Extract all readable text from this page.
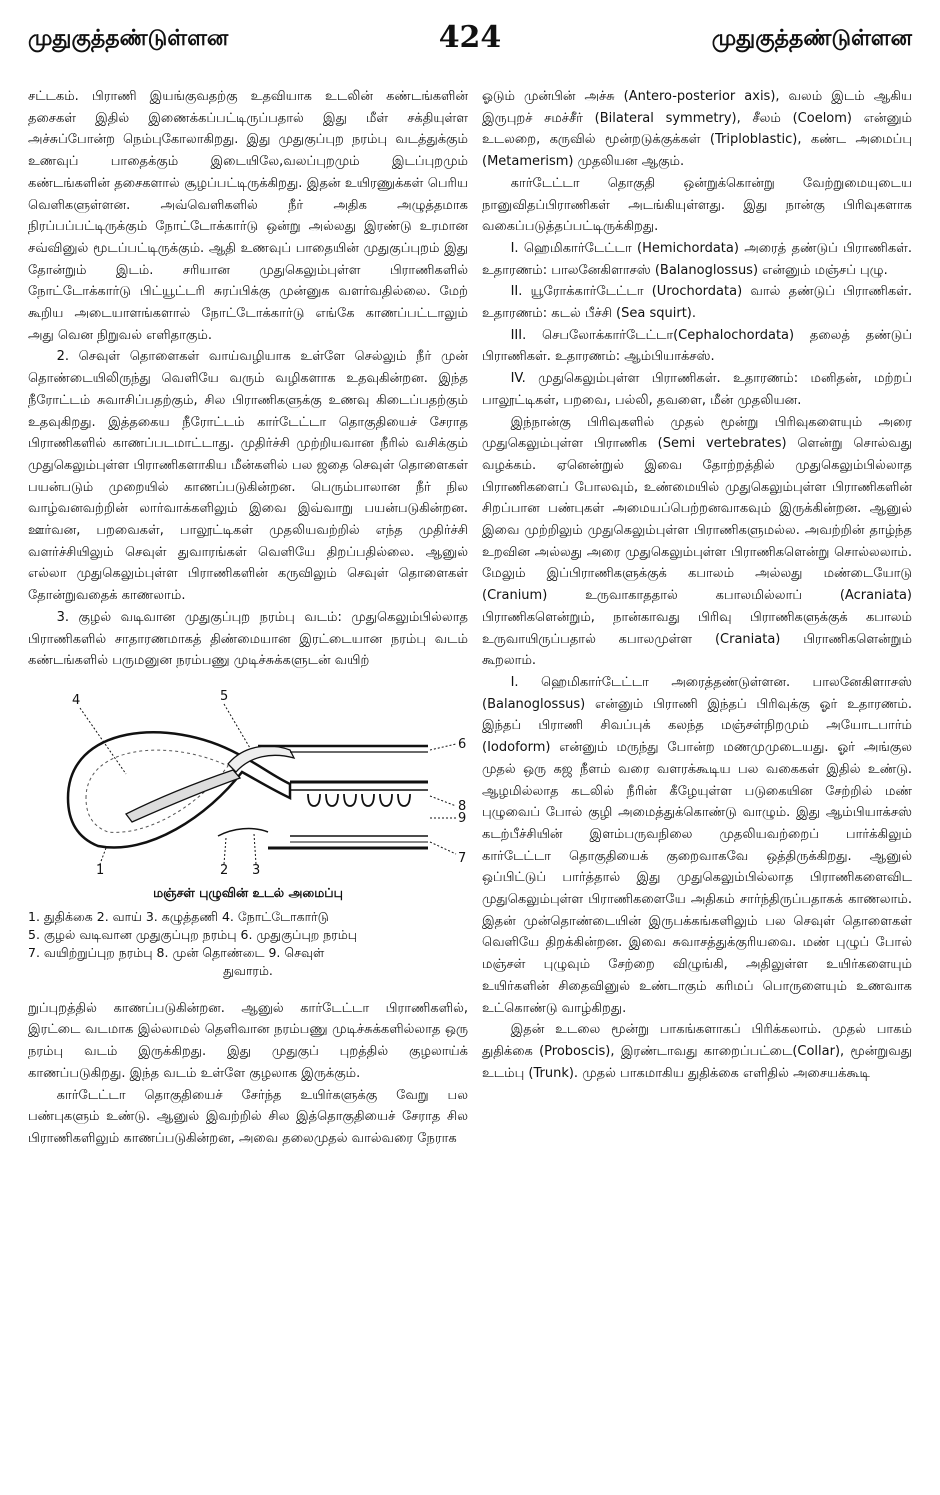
முதுகுத்தண்டுள்ளன	424	முதுகுத்தண்டுள்ளன

சட்டகம். பிராணி இயங்குவதற்கு உதவியாக உடலின் கண்டங்களின் தசைகள் இதில் இணைக்கப்பட்டிருப்பதால் இது மீள் சக்தியுள்ள அச்சுப்போன்ற நெம்புகோலாகிறது. இது முதுகுப்புற நரம்பு வடத்துக்கும் உணவுப் பாதைக்கும் இடையிலே,வலப்புறமும் இடப்புறமும் கண்டங்களின் தசைகளால் சூழப்பட்டிருக்கிறது. இதன் உயிரணுக்கள் பெரிய வெளிகளுள்ளன. அவ்வெளிகளில் நீர் அதிக அழுத்தமாக நிரப்பப்பட்டிருக்கும் நோட்டோக்கார்டு ஒன்று அல்லது இரண்டு உரமான சவ்வினுல் மூடப்பட்டிருக்கும். ஆதி உணவுப் பாதையின் முதுகுப்புறம் இது தோன்றும் இடம். சரியான முதுகெலும்புள்ள பிராணிகளில் நோட்டோக்கார்டு பிட்யூட்டரி சுரப்பிக்கு முன்னுக வளர்வதில்லை. மேற் கூறிய அடையாளங்களால் நோட்டோக்கார்டு எங்கே காணப்பட்டாலும் அது வென நிறுவல் எளிதாகும்.

2. செவுள் தொளைகள் வாய்வழியாக உள்ளே செல்லும் நீர் முன் தொண்டையிலிருந்து வெளியே வரும் வழிகளாக உதவுகின்றன. இந்த நீரோட்டம் சுவாசிப்பதற்கும், சில பிராணிகளுக்கு உணவு கிடைப்பதற்கும் உதவுகிறது. இத்தகைய நீரோட்டம் கார்டேட்டா தொகுதியைச் சேராத பிராணிகளில் காணப்படமாட்டாது. முதிர்ச்சி முற்றியவான நீரில் வசிக்கும் முதுகெலும்புள்ள பிராணிகளாகிய மீன்களில் பல ஜதை செவுள் தொளைகள் பயன்படும் முறையில் காணப்படுகின்றன. பெரும்பாலான நீர் நில வாழ்வனவற்றின் லார்வாக்களிலும் இவை இவ்வாறு பயன்படுகின்றன. ஊர்வன, பறவைகள், பாலூட்டிகள் முதலியவற்றில் எந்த முதிர்ச்சி வளர்ச்சியிலும் செவுள் துவாரங்கள் வெளியே திறப்பதில்லை. ஆனுல் எல்லா முதுகெலும்புள்ள பிராணிகளின் கருவிலும் செவுள் தொளைகள் தோன்றுவதைக் காணலாம்.

3. குழல் வடிவான முதுகுப்புற நரம்பு வடம்: முதுகெலும்பில்லாத பிராணிகளில் சாதாரணமாகத் திண்மையான இரட்டையான நரம்பு வடம் கண்டங்களில் பருமனுன நரம்பணு முடிச்சுக்களுடன் வயிற்

4	5
6
8
9
7
1	2 3
மஞ்சள் புழுவின் உடல் அமைப்பு
1. துதிக்கை 2. வாய் 3. கழுத்தணி 4. நோட்டோகார்டு
5. குழல் வடிவான முதுகுப்புற நரம்பு 6. முதுகுப்புற நரம்பு
7. வயிற்றுப்புற நரம்பு 8. முன் தொண்டை 9. செவுள்
துவாரம்.

றுப்புறத்தில் காணப்படுகின்றன. ஆனுல் கார்டேட்டா பிராணிகளில், இரட்டை வடமாக இல்லாமல் தெளிவான நரம்பணு முடிச்சுக்களில்லாத ஒரு நரம்பு வடம் இருக்கிறது. இது முதுகுப் புறத்தில் குழலாய்க் காணப்படுகிறது. இந்த வடம் உள்ளே குழலாக இருக்கும்.

கார்டேட்டா தொகுதியைச் சேர்ந்த உயிர்களுக்கு வேறு பல பண்புகளும் உண்டு. ஆனுல் இவற்றில் சில இத்தொகுதியைச் சேராத சில பிராணிகளிலும் காணப்படுகின்றன, அவை தலைமுதல் வால்வரை நேராக

ஓடும் முன்பின் அச்சு (Antero-posterior axis), வலம் இடம் ஆகிய இருபுறச் சமச்சீர் (Bilateral symmetry), சீலம் (Coelom) என்னும் உடலறை, கருவில் மூன்றடுக்குக்கள் (Triploblastic), கண்ட அமைப்பு (Metamerism) முதலியன ஆகும்.

கார்டேட்டா தொகுதி ஒன்றுக்கொன்று வேற்றுமையுடைய நானுவிதப்பிராணிகள் அடங்கியுள்ளது. இது நான்கு பிரிவுகளாக வகைப்படுத்தப்பட்டிருக்கிறது.

I. ஹெமிகார்டேட்டா (Hemichordata) அரைத் தண்டுப் பிராணிகள். உதாரணம்: பாலனேகிளாசஸ் (Balanoglossus) என்னும் மஞ்சப் புழு.

II. யூரோக்கார்டேட்டா (Urochordata) வால் தண்டுப் பிராணிகள். உதாரணம்: கடல் பீச்சி (Sea squirt).

III. செபலோக்கார்டேட்டா(Cephalochordata) தலைத் தண்டுப் பிராணிகள். உதாரணம்: ஆம்பியாக்சஸ்.

IV. முதுகெலும்புள்ள பிராணிகள். உதாரணம்: மனிதன், மற்றப் பாலூட்டிகள், பறவை, பல்லி, தவளை, மீன் முதலியன.

இந்நான்கு பிரிவுகளில் முதல் மூன்று பிரிவுகளையும் அரை முதுகெலும்புள்ள பிராணிக (Semi vertebrates) ளென்று சொல்வது வழக்கம். ஏனென்றுல் இவை தோற்றத்தில் முதுகெலும்பில்லாத பிராணிகளைப் போலவும், உண்மையில் முதுகெலும்புள்ள பிராணிகளின் சிறப்பான பண்புகள் அமையப்பெற்றனவாகவும் இருக்கின்றன. ஆனுல் இவை முற்றிலும் முதுகெலும்புள்ள பிராணிகளுமல்ல. அவற்றின் தாழ்ந்த உறவின அல்லது அரை முதுகெலும்புள்ள பிராணிகளென்று சொல்லலாம். மேலும் இப்பிராணிகளுக்குக் கபாலம் அல்லது மண்டையோடு (Cranium) உருவாகாததால் கபாலமில்லாப் (Acraniata) பிராணிகளென்றும், நான்காவது பிரிவு பிராணிகளுக்குக் கபாலம் உருவாயிருப்பதால் கபாலமுள்ள (Craniata) பிராணிகளென்றும் கூறலாம்.

I. ஹெமிகார்டேட்டா அரைத்தண்டுள்ளன. பாலனேகிளாசஸ் (Balanoglossus) என்னும் பிராணி இந்தப் பிரிவுக்கு ஓர் உதாரணம். இந்தப் பிராணி சிவப்புக் கலந்த மஞ்சள்நிறமும் அயோடபார்ம் (Iodoform) என்னும் மருந்து போன்ற மணமுமுடையது. ஓர் அங்குல முதல் ஒரு கஜ நீளம் வரை வளரக்கூடிய பல வகைகள் இதில் உண்டு. ஆழமில்லாத கடலில் நீரின் கீழேயுள்ள படுகையின சேற்றில் மண் புழுவைப் போல் குழி அமைத்துக்கொண்டு வாழும். இது ஆம்பியாக்சஸ் கடற்பீச்சியின் இளம்பருவநிலை முதலியவற்றைப் பார்க்கிலும் கார்டேட்டா தொகுதியைக் குறைவாகவே ஒத்திருக்கிறது. ஆனுல் ஒப்பிட்டுப் பார்த்தால் இது முதுகெலும்பில்லாத பிராணிகளைவிட முதுகெலும்புள்ள பிராணிகளையே அதிகம் சார்ந்திருப்பதாகக் காணலாம். இதன் முன்தொண்டையின் இருபக்கங்களிலும் பல செவுள் தொளைகள் வெளியே திறக்கின்றன. இவை சுவாசத்துக்குரியவை. மண் புழுப் போல் மஞ்சள் புழுவும் சேற்றை விழுங்கி, அதிலுள்ள உயிர்களையும் உயிர்களின் சிதைவினுல் உண்டாகும் கரிமப் பொருளையும் உணவாக உட்கொண்டு வாழ்கிறது.

இதன் உடலை மூன்று பாகங்களாகப் பிரிக்கலாம். முதல் பாகம் துதிக்கை (Proboscis), இரண்டாவது காறைப்பட்டை(Collar), மூன்றுவது உடம்பு (Trunk). முதல் பாகமாகிய துதிக்கை எளிதில் அசையக்கூடி
